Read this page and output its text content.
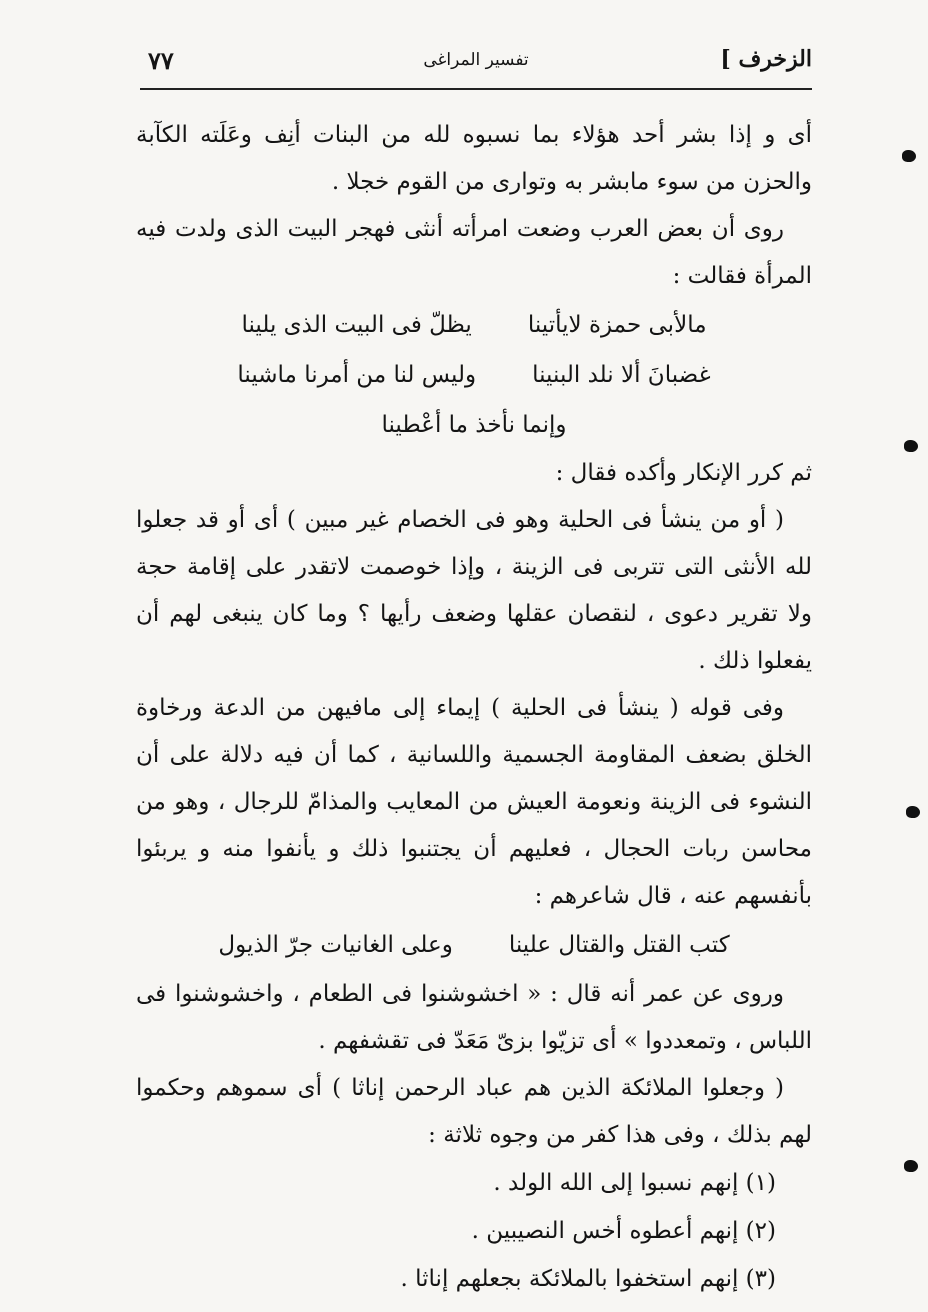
الزخرف ]
تفسير المراغى
٧٧

أى و إذا بشر أحد هؤلاء بما نسبوه لله من البنات أنِف وعَلَته الكآبة والحزن من سوء مابشر به وتوارى من القوم خجلا .

روى أن بعض العرب وضعت امرأته أنثى فهجر البيت الذى ولدت فيه المرأة فقالت :

مالأبى حمزة لايأتينا
يظلّ فى البيت الذى يلينا
غضبانَ ألا نلد البنينا
وليس لنا من أمرنا ماشينا
وإنما نأخذ ما أعْطينا

ثم كرر الإنكار وأكده فقال :

( أو من ينشأ فى الحلية وهو فى الخصام غير مبين ) أى أو قد جعلوا لله الأنثى التى تتربى فى الزينة ، وإذا خوصمت لاتقدر على إقامة حجة ولا تقرير دعوى ، لنقصان عقلها وضعف رأيها ؟ وما كان ينبغى لهم أن يفعلوا ذلك .

وفى قوله ( ينشأ فى الحلية ) إيماء إلى مافيهن من الدعة ورخاوة الخلق بضعف المقاومة الجسمية واللسانية ، كما أن فيه دلالة على أن النشوء فى الزينة ونعومة العيش من المعايب والمذامّ للرجال ، وهو من محاسن ربات الحجال ، فعليهم أن يجتنبوا ذلك و يأنفوا منه و يربئوا بأنفسهم عنه ، قال شاعرهم :

كتب القتل والقتال علينا
وعلى الغانيات جرّ الذيول

وروى عن عمر أنه قال : « اخشوشنوا فى الطعام ، واخشوشنوا فى اللباس ، وتمعددوا » أى تزيّوا بزىّ مَعَدّ فى تقشفهم .

( وجعلوا الملائكة الذين هم عباد الرحمن إناثا ) أى سموهم وحكموا لهم بذلك ، وفى هذا كفر من وجوه ثلاثة :

(١) إنهم نسبوا إلى الله الولد .
(٢) إنهم أعطوه أخس النصيبين .
(٣) إنهم استخفوا بالملائكة بجعلهم إناثا .
